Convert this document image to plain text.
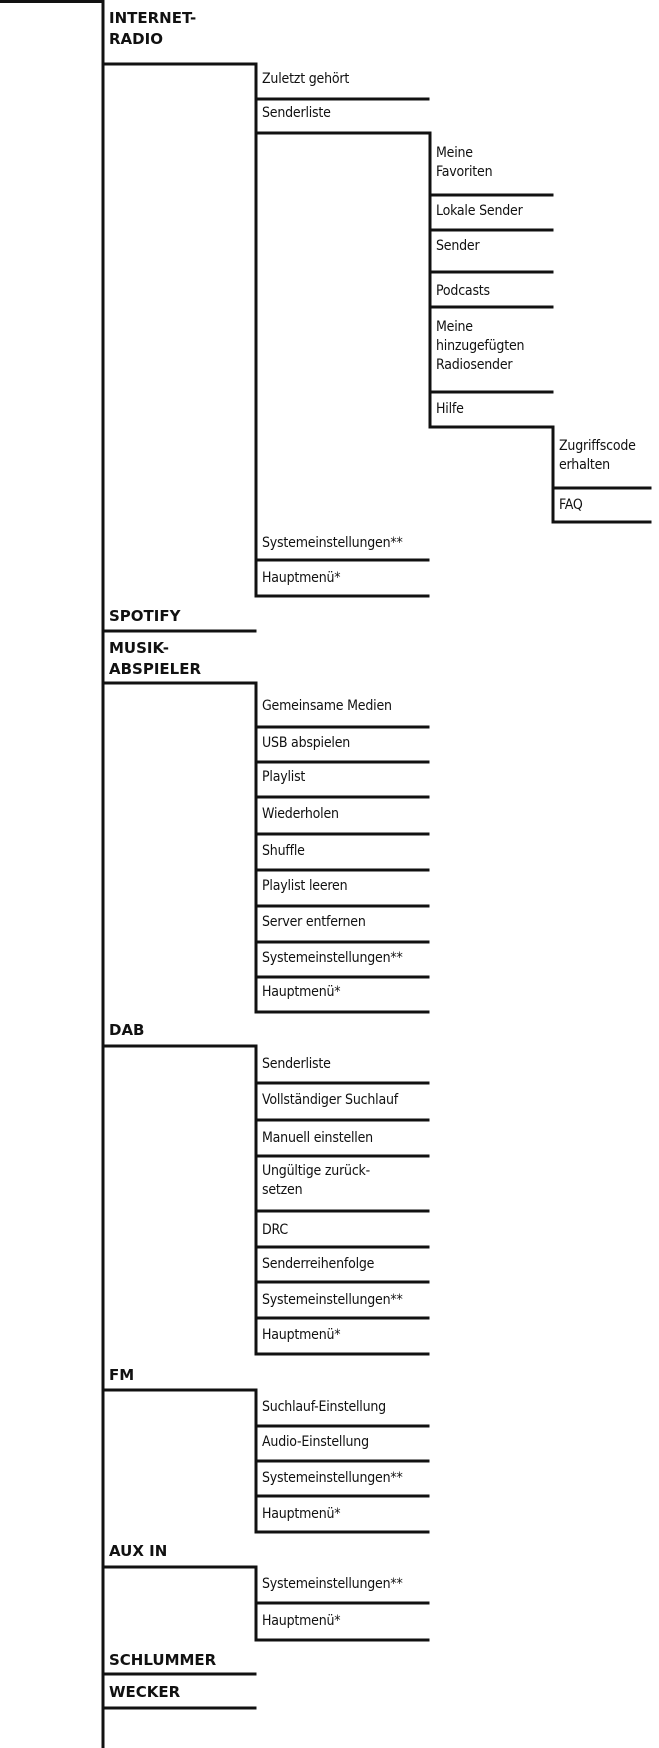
INTERNET-
RADIO
Zuletzt gehört
Senderliste
Meine
Favoriten
Lokale Sender
Sender
Podcasts
Meine
hinzugefügten
Radiosender
Hilfe
Zugriffscode
erhalten
FAQ
Systemeinstellungen**
Hauptmenü*
SPOTIFY
MUSIK-
ABSPIELER
Gemeinsame Medien
USB abspielen
Playlist
Wiederholen
Shuffle
Playlist leeren
Server entfernen
Systemeinstellungen**
Hauptmenü*
DAB
Senderliste
Vollständiger Suchlauf
Manuell einstellen
Ungültige zurück-
setzen
DRC
Senderreihenfolge
Systemeinstellungen**
Hauptmenü*
FM
Suchlauf-Einstellung
Audio-Einstellung
Systemeinstellungen**
Hauptmenü*
AUX IN
Systemeinstellungen**
Hauptmenü*
SCHLUMMER
WECKER
